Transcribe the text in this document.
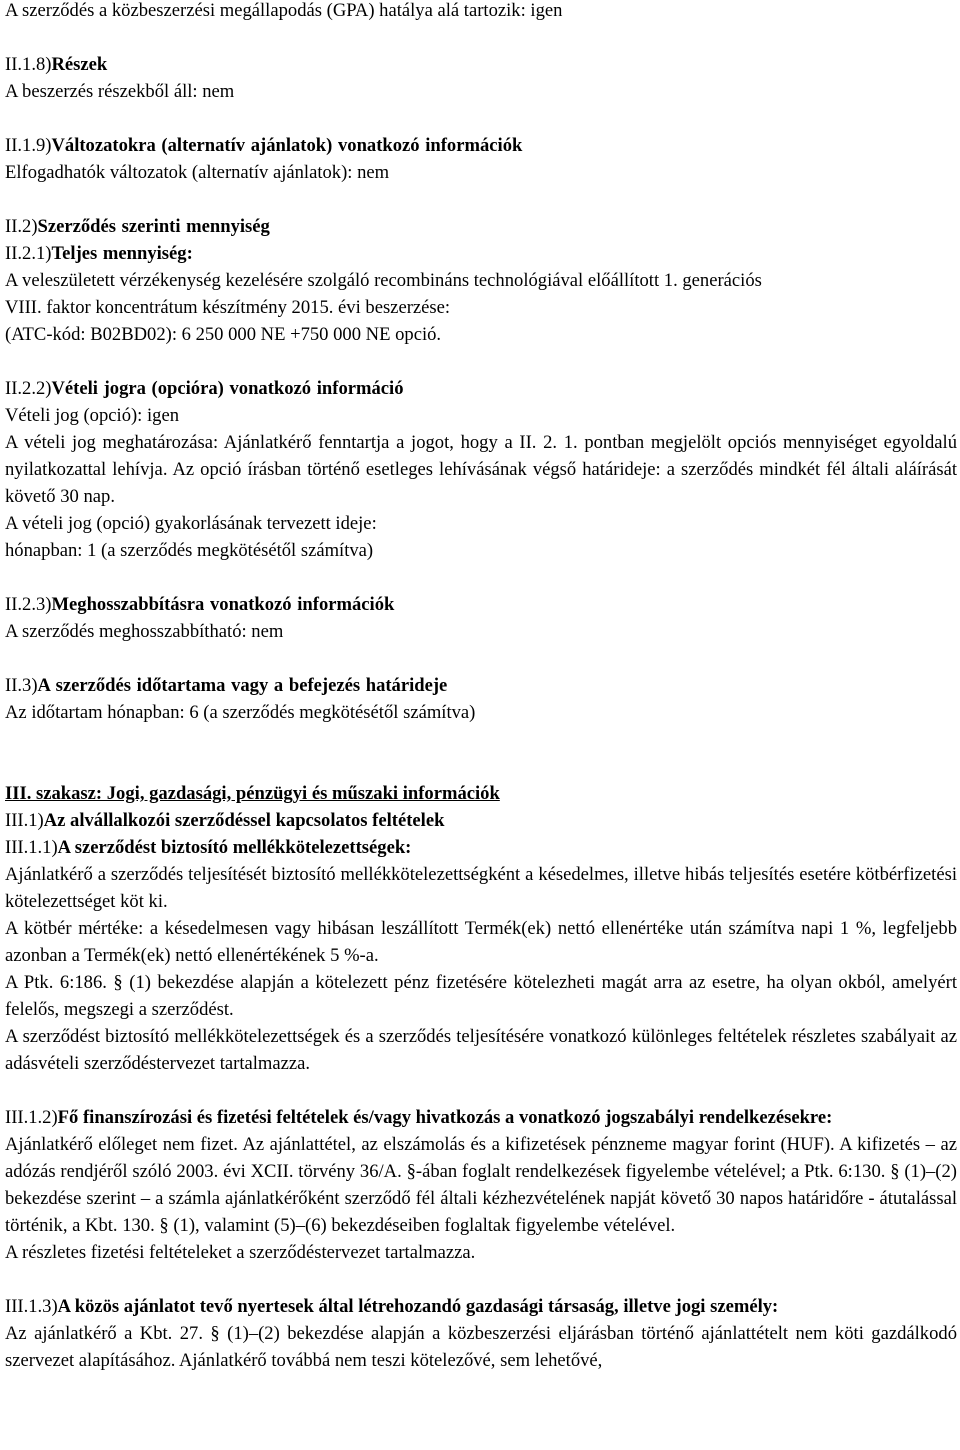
A szerződés a közbeszerzési megállapodás (GPA) hatálya alá tartozik: igen

II.1.8)Részek

A beszerzés részekből áll: nem

II.1.9)Változatokra (alternatív ajánlatok) vonatkozó információk

Elfogadhatók változatok (alternatív ajánlatok): nem

II.2)Szerződés szerinti mennyiség

II.2.1)Teljes mennyiség:

A veleszületett vérzékenység kezelésére szolgáló recombináns technológiával előállított 1. generációs

VIII. faktor koncentrátum készítmény 2015. évi beszerzése:

(ATC-kód: B02BD02): 6 250 000 NE +750 000 NE opció.

II.2.2)Vételi jogra (opcióra) vonatkozó információ

Vételi jog (opció): igen

A vételi jog meghatározása: Ajánlatkérő fenntartja a jogot, hogy a II. 2. 1. pontban megjelölt opciós mennyiséget egyoldalú nyilatkozattal lehívja. Az opció írásban történő esetleges lehívásának végső határideje: a szerződés mindkét fél általi aláírását követő 30 nap.

A vételi jog (opció) gyakorlásának tervezett ideje:

hónapban: 1 (a szerződés megkötésétől számítva)

II.2.3)Meghosszabbításra vonatkozó információk

A szerződés meghosszabbítható: nem

II.3)A szerződés időtartama vagy a befejezés határideje

Az időtartam hónapban: 6 (a szerződés megkötésétől számítva)

III. szakasz: Jogi, gazdasági, pénzügyi és műszaki információk

III.1)Az alvállalkozói szerződéssel kapcsolatos feltételek

III.1.1)A szerződést biztosító mellékkötelezettségek:

Ajánlatkérő a szerződés teljesítését biztosító mellékkötelezettségként a késedelmes, illetve hibás teljesítés esetére kötbérfizetési kötelezettséget köt ki.

A kötbér mértéke: a késedelmesen vagy hibásan leszállított Termék(ek) nettó ellenértéke után számítva napi 1 %, legfeljebb azonban a Termék(ek) nettó ellenértékének 5 %-a.

A Ptk. 6:186. § (1) bekezdése alapján a kötelezett pénz fizetésére kötelezheti magát arra az esetre, ha olyan okból, amelyért felelős, megszegi a szerződést.

A szerződést biztosító mellékkötelezettségek és a szerződés teljesítésére vonatkozó különleges feltételek részletes szabályait az adásvételi szerződéstervezet tartalmazza.

III.1.2)Fő finanszírozási és fizetési feltételek és/vagy hivatkozás a vonatkozó jogszabályi rendelkezésekre:

Ajánlatkérő előleget nem fizet. Az ajánlattétel, az elszámolás és a kifizetések pénzneme magyar forint (HUF). A kifizetés – az adózás rendjéről szóló 2003. évi XCII. törvény 36/A. §-ában foglalt rendelkezések figyelembe vételével; a Ptk. 6:130. § (1)–(2) bekezdése szerint – a számla ajánlatkérőként szerződő fél általi kézhezvételének napját követő 30 napos határidőre - átutalással történik, a Kbt. 130. § (1), valamint (5)–(6) bekezdéseiben foglaltak figyelembe vételével.

A részletes fizetési feltételeket a szerződéstervezet tartalmazza.

III.1.3)A közös ajánlatot tevő nyertesek által létrehozandó gazdasági társaság, illetve jogi személy:

Az ajánlatkérő a Kbt. 27. § (1)–(2) bekezdése alapján a közbeszerzési eljárásban történő ajánlattételt nem köti gazdálkodó szervezet alapításához. Ajánlatkérő továbbá nem teszi kötelezővé, sem lehetővé,
